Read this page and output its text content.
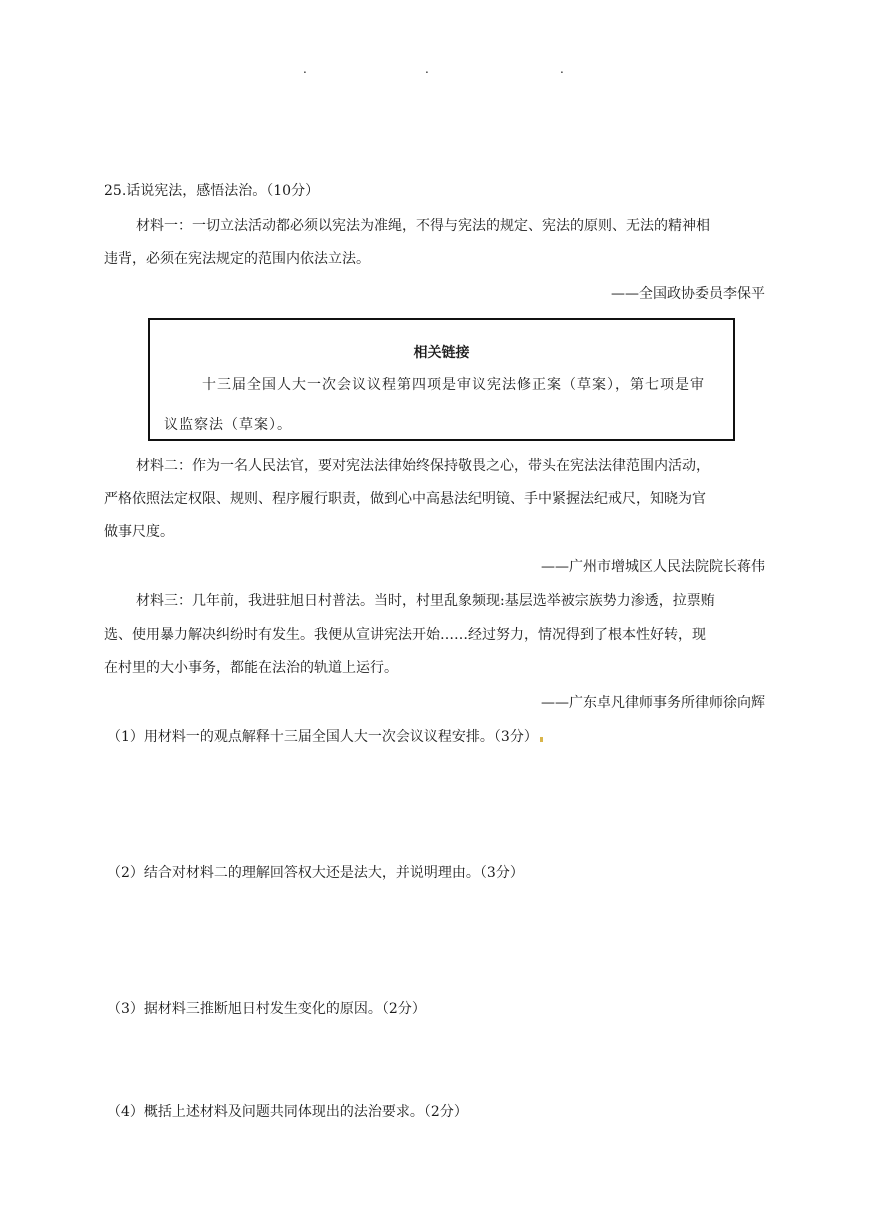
.	.	.
25.话说宪法，感悟法治。（10分）
材料一：一切立法活动都必须以宪法为准绳，不得与宪法的规定、宪法的原则、无法的精神相
违背，必须在宪法规定的范围内依法立法。
——全国政协委员李保平
相关链接
十三届全国人大一次会议议程第四项是审议宪法修正案（草案），第七项是审
议监察法（草案）。
材料二：作为一名人民法官，要对宪法法律始终保持敬畏之心，带头在宪法法律范围内活动，
严格依照法定权限、规则、程序履行职责，做到心中高悬法纪明镜、手中紧握法纪戒尺，知晓为官
做事尺度。
——广州市增城区人民法院院长蒋伟
材料三：几年前，我进驻旭日村普法。当时，村里乱象频现:基层选举被宗族势力渗透，拉票贿
选、使用暴力解决纠纷时有发生。我便从宣讲宪法开始……经过努力，情况得到了根本性好转，现
在村里的大小事务，都能在法治的轨道上运行。
——广东卓凡律师事务所律师徐向辉
（1）用材料一的观点解释十三届全国人大一次会议议程安排。（3分）
（2）结合对材料二的理解回答权大还是法大，并说明理由。（3分）
（3）据材料三推断旭日村发生变化的原因。（2分）
（4）概括上述材料及问题共同体现出的法治要求。（2分）
